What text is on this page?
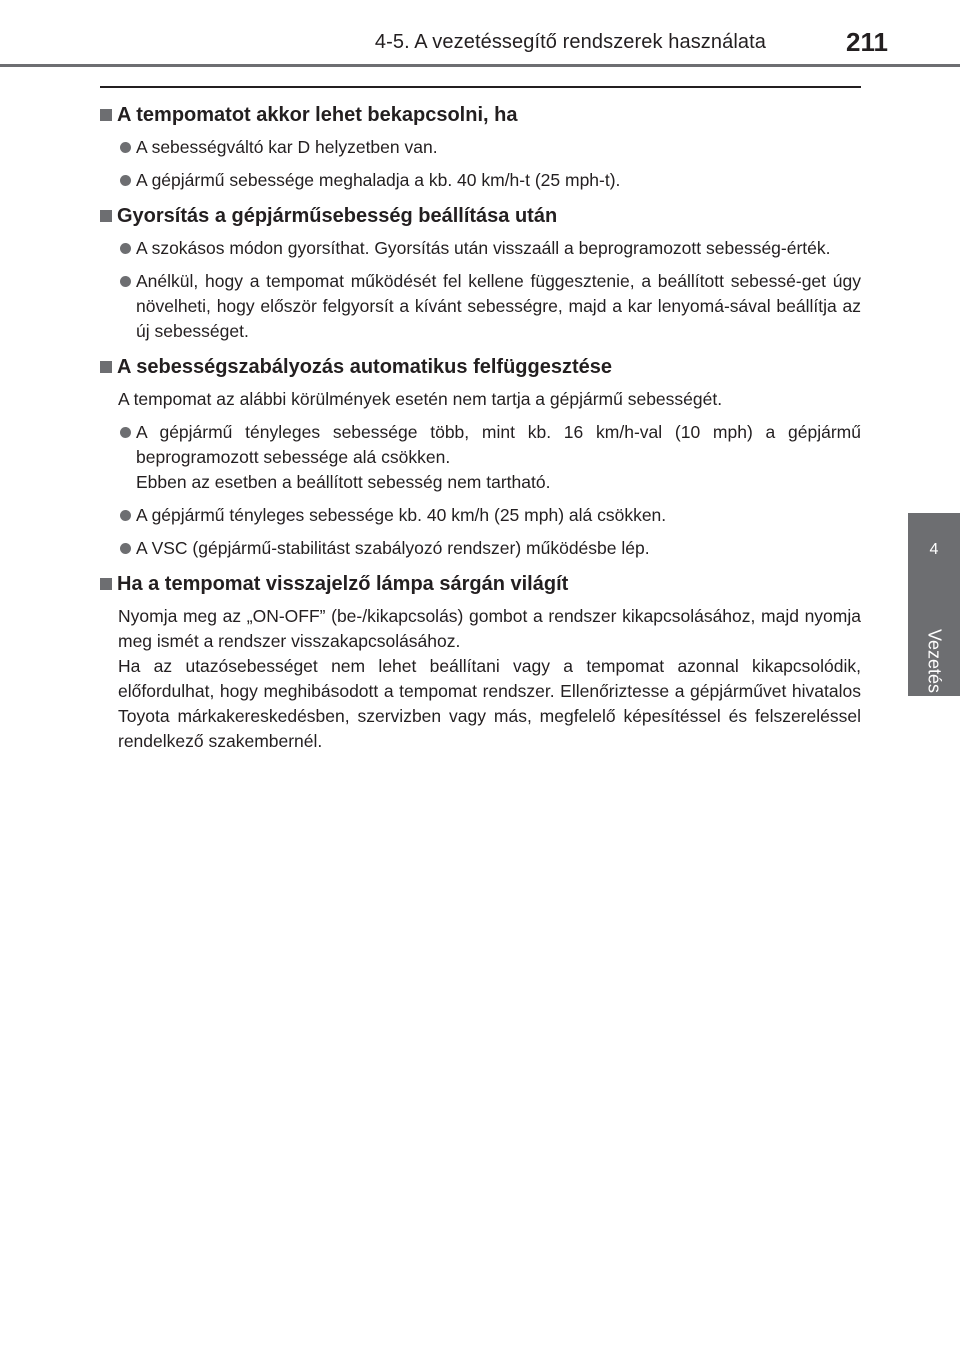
4-5. A vezetéssegítő rendszerek használata	211
4
Vezetés
A tempomatot akkor lehet bekapcsolni, ha
A sebességváltó kar D helyzetben van.
A gépjármű sebessége meghaladja a kb. 40 km/h-t (25 mph-t).
Gyorsítás a gépjárműsebesség beállítása után
A szokásos módon gyorsíthat. Gyorsítás után visszaáll a beprogramozott sebesség-érték.
Anélkül, hogy a tempomat működését fel kellene függesztenie, a beállított sebessé-get úgy növelheti, hogy először felgyorsít a kívánt sebességre, majd a kar lenyomá-sával beállítja az új sebességet.
A sebességszabályozás automatikus felfüggesztése
A tempomat az alábbi körülmények esetén nem tartja a gépjármű sebességét.
A gépjármű tényleges sebessége több, mint kb. 16 km/h-val (10 mph) a gépjármű beprogramozott sebessége alá csökken.
Ebben az esetben a beállított sebesség nem tartható.
A gépjármű tényleges sebessége kb. 40 km/h (25 mph) alá csökken.
A VSC (gépjármű-stabilitást szabályozó rendszer) működésbe lép.
Ha a tempomat visszajelző lámpa sárgán világít
Nyomja meg az „ON-OFF” (be-/kikapcsolás) gombot a rendszer kikapcsolásához, majd nyomja meg ismét a rendszer visszakapcsolásához.
Ha az utazósebességet nem lehet beállítani vagy a tempomat azonnal kikapcsolódik, előfordulhat, hogy meghibásodott a tempomat rendszer. Ellenőriztesse a gépjárművet hivatalos Toyota márkakereskedésben, szervizben vagy más, megfelelő képesítéssel és felszereléssel rendelkező szakembernél.
